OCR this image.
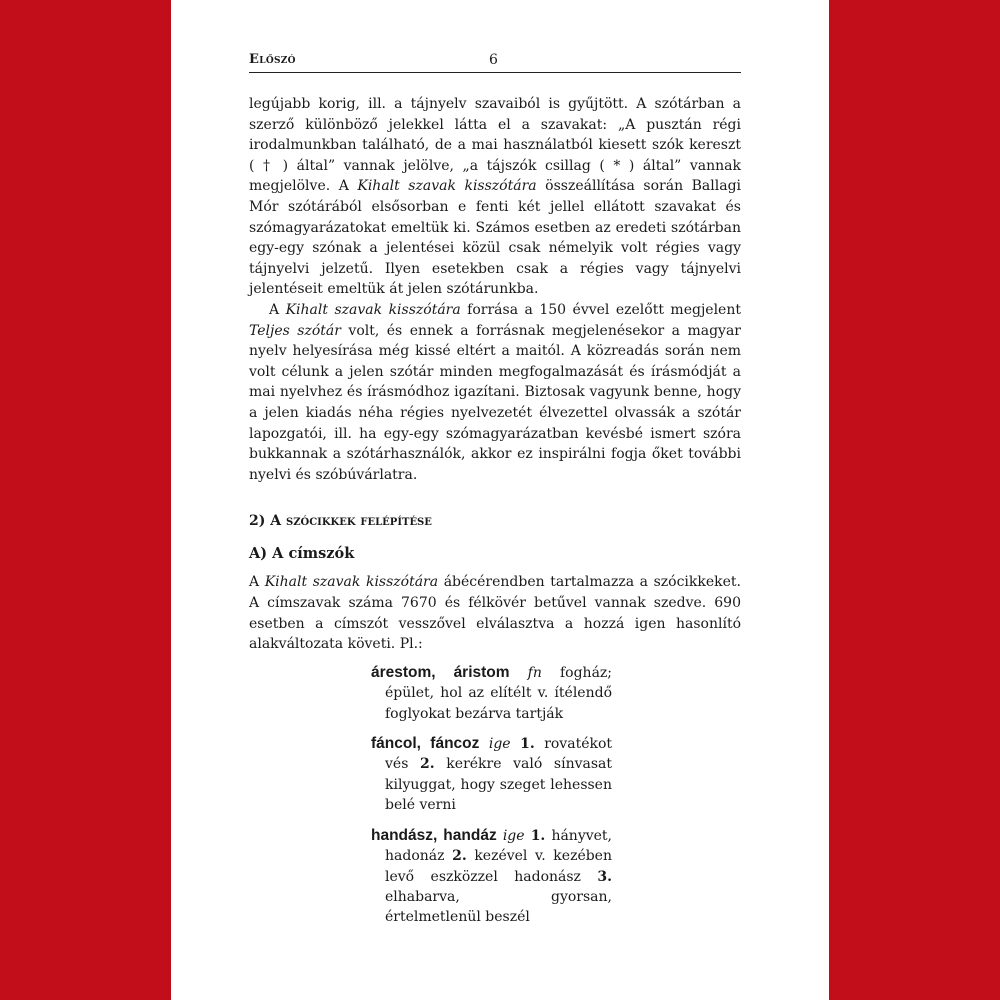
Előszó	6

legújabb korig, ill. a tájnyelv szavaiból is gyűjtött. A szótárban a szerző különböző jelekkel látta el a szavakat: „A pusztán régi irodalmunkban található, de a mai használatból kiesett szók kereszt ( † ) által” vannak jelölve, „a tájszók csillag ( * ) által” vannak megjelölve. A Kihalt szavak kisszótára összeállítása során Ballagi Mór szótárából elsősorban e fenti két jellel ellátott szavakat és szómagyarázatokat emeltük ki. Számos esetben az eredeti szótárban egy-egy szónak a jelentései közül csak némelyik volt régies vagy tájnyelvi jelzetű. Ilyen esetekben csak a régies vagy tájnyelvi jelentéseit emeltük át jelen szótárunkba.

A Kihalt szavak kisszótára forrása a 150 évvel ezelőtt megjelent Teljes szótár volt, és ennek a forrásnak megjelenésekor a magyar nyelv helyesírása még kissé eltért a maitól. A közreadás során nem volt célunk a jelen szótár minden megfogalmazását és írásmódját a mai nyelvhez és írásmódhoz igazítani. Biztosak vagyunk benne, hogy a jelen kiadás néha régies nyelvezetét élvezettel olvassák a szótár lapozgatói, ill. ha egy-egy szómagyarázatban kevésbé ismert szóra bukkannak a szótárhasználók, akkor ez inspirálni fogja őket további nyelvi és szóbúvárlatra.

2) A szócikkek felépítése
A) A címszók

A Kihalt szavak kisszótára ábécérendben tartalmazza a szócikkeket. A címszavak száma 7670 és félkövér betűvel vannak szedve. 690 esetben a címszót vesszővel elválasztva a hozzá igen hasonlító alakváltozata követi. Pl.:

árestom, áristom fn fogház; épület, hol az elítélt v. ítélendő foglyokat bezárva tartják
fáncol, fáncoz ige 1. rovatékot vés 2. kerékre való sínvasat kilyuggat, hogy szeget lehessen belé verni
handász, handáz ige 1. hányvet, hadonáz 2. kezével v. kezében levő eszközzel hadonász 3. elhabarva, gyorsan, értelmetlenül beszél
